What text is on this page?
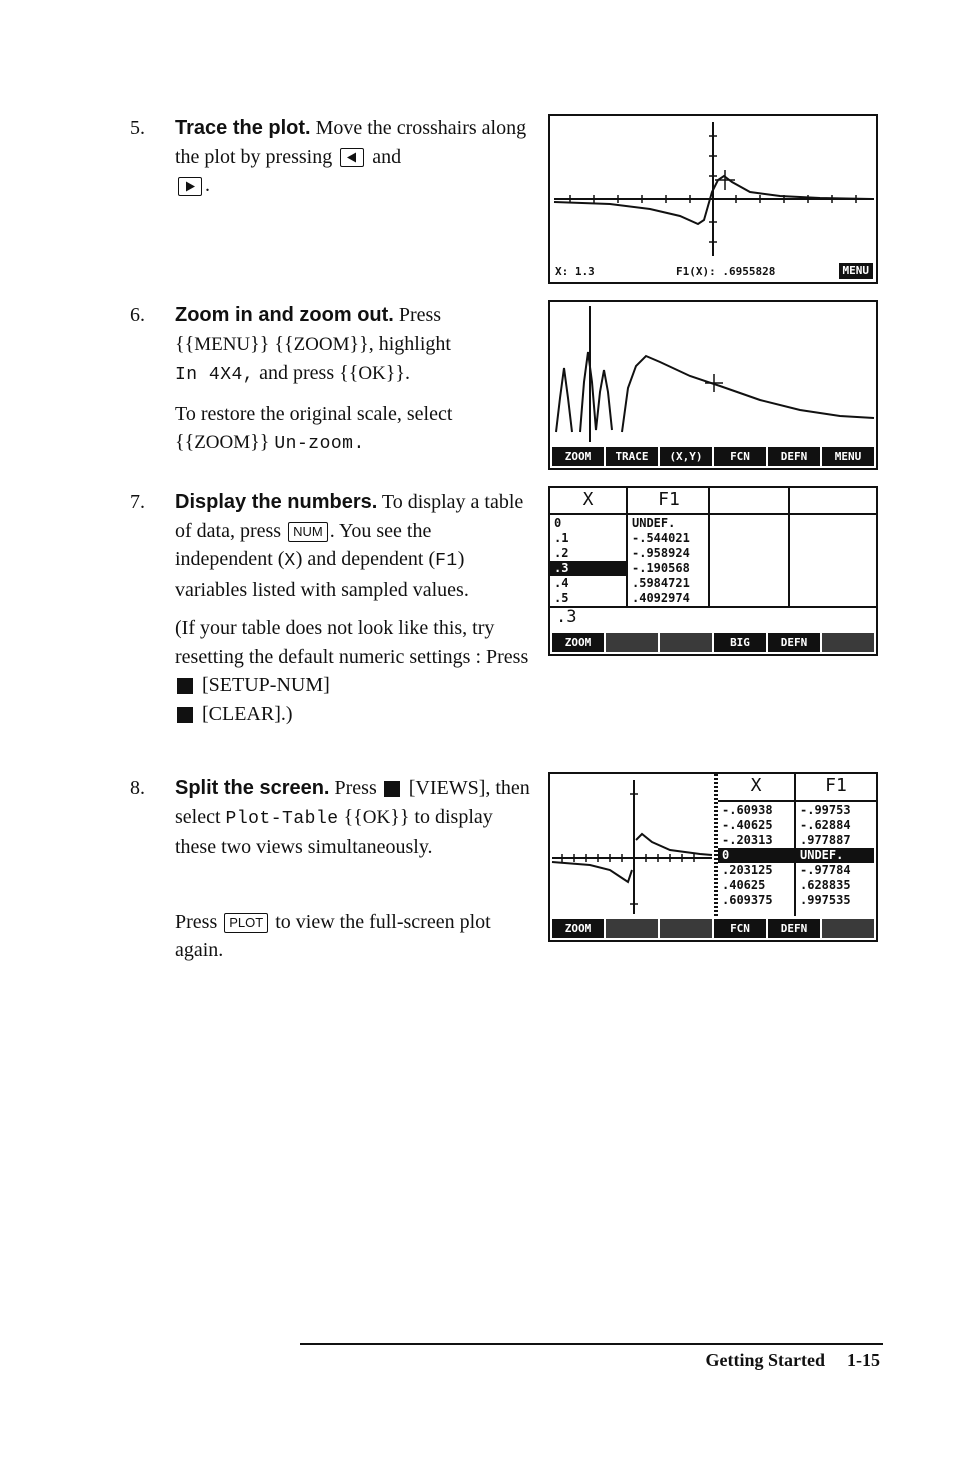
5. Trace the plot. Move the crosshairs along the plot by pressing
and

.
6. Zoom in and zoom out. Press {{MENU}} {{ZOOM}}, highlight
In 4X4, and press {{OK}}.
To restore the original scale, select {{ZOOM}} Un-zoom.
7. Display the numbers. To display a table of data, press NUM . You see the independent (X) and dependent (F1) variables listed with sampled values.
(If your table does not look like this, try resetting the default numeric settings : Press  [SETUP-NUM]
[CLEAR].)
8. Split the screen. Press  [VIEWS], then select Plot-Table {{OK}} to display these two views simultaneously.
Press PLOT to view the full-screen plot again.
X: 1.3	F1(X): .6955828	MENU
ZOOM	TRACE	(X,Y)	FCN	DEFN	MENU
X	F1
0	UNDEF.
.1	-.544021
.2	-.958924
.3	-.190568
.4	.5984721
.5	.4092974
.3
ZOOM	BIG	DEFN
X	F1
-.60938	-.99753
-.40625	-.62884
-.20313	.977887
0	UNDEF.
.203125	-.97784
.40625	.628835
.609375	.997535
ZOOM	FCN	DEFN
Getting Started 1-15
